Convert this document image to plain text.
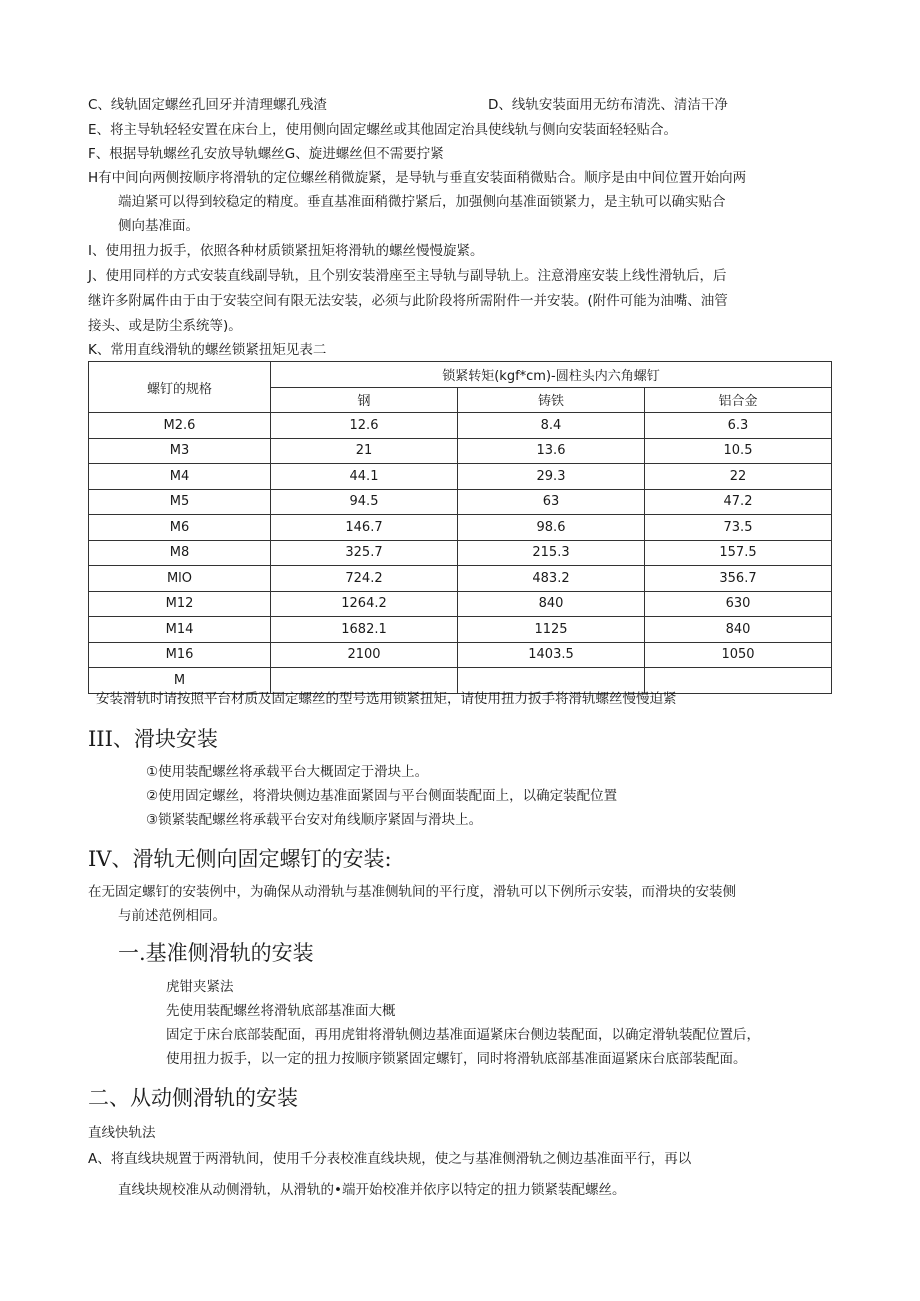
C、线轨固定螺丝孔回牙并清理螺孔残渣	D、线轨安装面用无纺布清洗、清洁干净
E、将主导轨轻轻安置在床台上，使用侧向固定螺丝或其他固定治具使线轨与侧向安装面轻轻贴合。
F、根据导轨螺丝孔安放导轨螺丝G、旋进螺丝但不需要拧紧
H有中间向两侧按顺序将滑轨的定位螺丝稍微旋紧，是导轨与垂直安装面稍微贴合。顺序是由中间位置开始向两
端迫紧可以得到较稳定的精度。垂直基准面稍微拧紧后，加强侧向基准面锁紧力，是主轨可以确实贴合
侧向基准面。
I、使用扭力扳手，依照各种材质锁紧扭矩将滑轨的螺丝慢慢旋紧。
J、使用同样的方式安装直线副导轨，且个别安装滑座至主导轨与副导轨上。注意滑座安装上线性滑轨后，后
继许多附属件由于由于安装空间有限无法安装，必须与此阶段将所需附件一并安装。(附件可能为油嘴、油管
接头、或是防尘系统等)。
K、常用直线滑轨的螺丝锁紧扭矩见表二
螺钉的规格	锁紧转矩(kgf*cm)-圆柱头内六角螺钉		
	钢	铸铁	铝合金
M2.6	12.6	8.4	6.3
M3	21	13.6	10.5
M4	44.1	29.3	22
M5	94.5	63	47.2
M6	146.7	98.6	73.5
M8	325.7	215.3	157.5
MlO	724.2	483.2	356.7
M12	1264.2	840	630
M14	1682.1	1125	840
M16	2100	1403.5	1050
M			
安装滑轨时请按照平台材质及固定螺丝的型号选用锁紧扭矩，请使用扭力扳手将滑轨螺丝慢慢迫紧
III、滑块安装
①使用装配螺丝将承载平台大概固定于滑块上。
②使用固定螺丝，将滑块侧边基准面紧固与平台侧面装配面上，以确定装配位置
③锁紧装配螺丝将承载平台安对角线顺序紧固与滑块上。
IV、滑轨无侧向固定螺钉的安装:
在无固定螺钉的安装例中，为确保从动滑轨与基准侧轨间的平行度，滑轨可以下例所示安装，而滑块的安装侧
与前述范例相同。
一.基准侧滑轨的安装
虎钳夹紧法
先使用装配螺丝将滑轨底部基准面大概
固定于床台底部装配面，再用虎钳将滑轨侧边基准面逼紧床台侧边装配面，以确定滑轨装配位置后，
使用扭力扳手，以一定的扭力按顺序锁紧固定螺钉，同时将滑轨底部基准面逼紧床台底部装配面。
二、从动侧滑轨的安装
直线快轨法
A、将直线块规置于两滑轨间，使用千分表校准直线块规，使之与基准侧滑轨之侧边基准面平行，再以
直线块规校准从动侧滑轨，从滑轨的•端开始校准并依序以特定的扭力锁紧装配螺丝。
